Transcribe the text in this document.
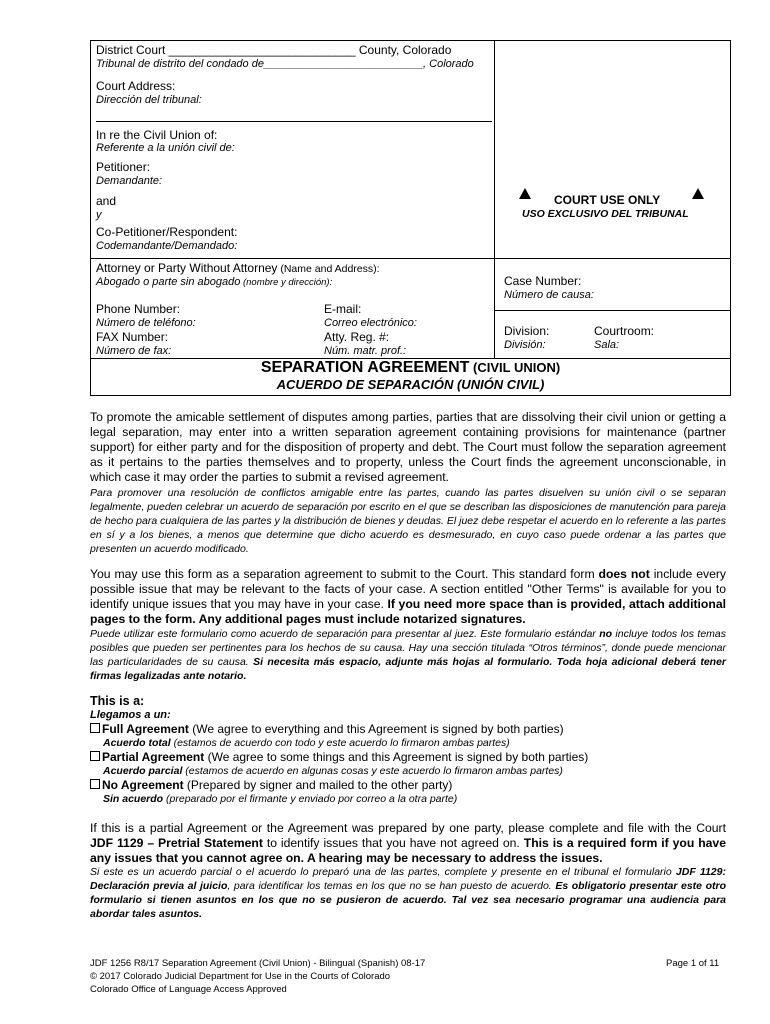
District Court ____________________________ County, Colorado
Tribunal de distrito del condado de__________________________, Colorado
Court Address:
Dirección del tribunal:
In re the Civil Union of:
Referente a la unión civil de:
Petitioner:
Demandante:
and
y
Co-Petitioner/Respondent:
Codemandante/Demandado:
Attorney or Party Without Attorney (Name and Address):
Abogado o parte sin abogado (nombre y dirección):
Phone Number:
Número de teléfono:
FAX Number:
Número de fax:
E-mail:
Correo electrónico:
Atty. Reg. #:
Núm. matr. prof.:
COURT USE ONLY
USO EXCLUSIVO DEL TRIBUNAL
Case Number:
Número de causa:
Division:
División:
Courtroom:
Sala:
SEPARATION AGREEMENT (CIVIL UNION)
ACUERDO DE SEPARACIÓN (UNIÓN CIVIL)
To promote the amicable settlement of disputes among parties, parties that are dissolving their civil union or getting a legal separation, may enter into a written separation agreement containing provisions for maintenance (partner support) for either party and for the disposition of property and debt. The Court must follow the separation agreement as it pertains to the parties themselves and to property, unless the Court finds the agreement unconscionable, in which case it may order the parties to submit a revised agreement.
Para promover una resolución de conflictos amigable entre las partes, cuando las partes disuelven su unión civil o se separan legalmente, pueden celebrar un acuerdo de separación por escrito en el que se describan las disposiciones de manutención para pareja de hecho para cualquiera de las partes y la distribución de bienes y deudas. El juez debe respetar el acuerdo en lo referente a las partes en sí y a los bienes, a menos que determine que dicho acuerdo es desmesurado, en cuyo caso puede ordenar a las partes que presenten un acuerdo modificado.
You may use this form as a separation agreement to submit to the Court. This standard form does not include every possible issue that may be relevant to the facts of your case. A section entitled "Other Terms" is available for you to identify unique issues that you may have in your case. If you need more space than is provided, attach additional pages to the form. Any additional pages must include notarized signatures.
Puede utilizar este formulario como acuerdo de separación para presentar al juez. Este formulario estándar no incluye todos los temas posibles que pueden ser pertinentes para los hechos de su causa. Hay una sección titulada “Otros términos”, donde puede mencionar las particularidades de su causa. Si necesita más espacio, adjunte más hojas al formulario. Toda hoja adicional deberá tener firmas legalizadas ante notario.
This is a:
Llegamos a un:
Full Agreement (We agree to everything and this Agreement is signed by both parties)
Acuerdo total (estamos de acuerdo con todo y este acuerdo lo firmaron ambas partes)
Partial Agreement (We agree to some things and this Agreement is signed by both parties)
Acuerdo parcial (estamos de acuerdo en algunas cosas y este acuerdo lo firmaron ambas partes)
No Agreement (Prepared by signer and mailed to the other party)
Sin acuerdo (preparado por el firmante y enviado por correo a la otra parte)
If this is a partial Agreement or the Agreement was prepared by one party, please complete and file with the Court JDF 1129 – Pretrial Statement to identify issues that you have not agreed on. This is a required form if you have any issues that you cannot agree on. A hearing may be necessary to address the issues.
Si este es un acuerdo parcial o el acuerdo lo preparó una de las partes, complete y presente en el tribunal el formulario JDF 1129: Declaración previa al juicio, para identificar los temas en los que no se han puesto de acuerdo. Es obligatorio presentar este otro formulario si tienen asuntos en los que no se pusieron de acuerdo. Tal vez sea necesario programar una audiencia para abordar tales asuntos.
JDF 1256 R8/17 Separation Agreement (Civil Union) - Bilingual (Spanish) 08-17
© 2017 Colorado Judicial Department for Use in the Courts of Colorado
Colorado Office of Language Access Approved
Page 1 of 11
